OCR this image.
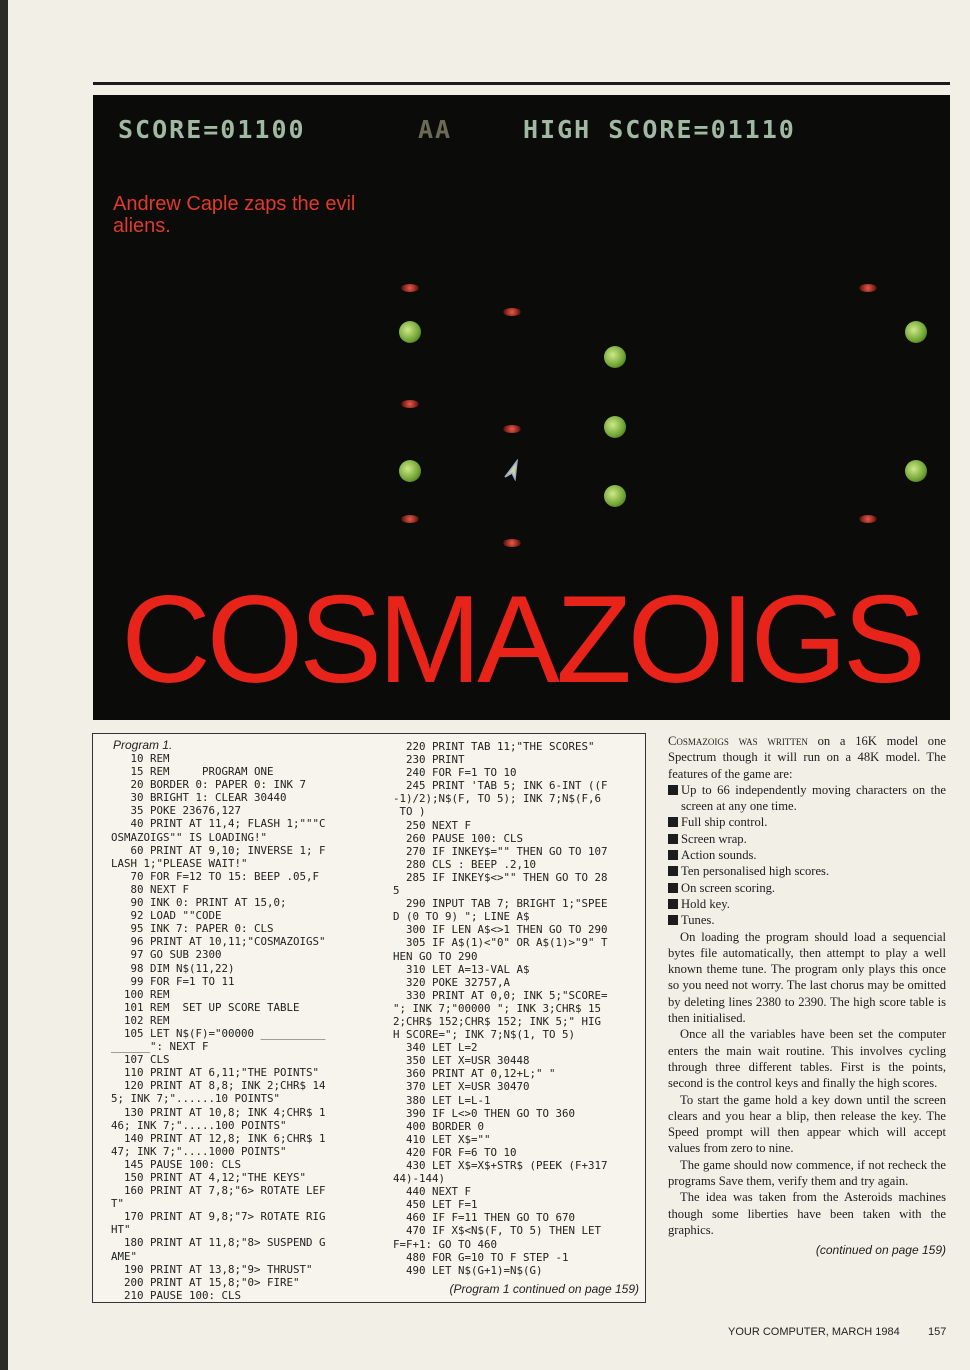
SCORE=01100	AA	HIGH SCORE=01110
Andrew Caple zaps the evil aliens.
COSMAZOIGS
Program 1.
10 REM
15 REM     PROGRAM ONE
20 BORDER 0: PAPER 0: INK 7
30 BRIGHT 1: CLEAR 30440
35 POKE 23676,127
40 PRINT AT 11,4; FLASH 1;"""C
OSMAZOIGS"" IS LOADING!"
60 PRINT AT 9,10; INVERSE 1; F
LASH 1;"PLEASE WAIT!"
70 FOR F=12 TO 15: BEEP .05,F
80 NEXT F
90 INK 0: PRINT AT 15,0;
92 LOAD ""CODE
95 INK 7: PAPER 0: CLS
96 PRINT AT 10,11;"COSMAZOIGS"
97 GO SUB 2300
98 DIM N$(11,22)
99 FOR F=1 TO 11
100 REM
101 REM  SET UP SCORE TABLE
102 REM
105 LET N$(F)="00000 __________
______": NEXT F
107 CLS
110 PRINT AT 6,11;"THE POINTS"
120 PRINT AT 8,8; INK 2;CHR$ 14
5; INK 7;"......10 POINTS"
130 PRINT AT 10,8; INK 4;CHR$ 1
46; INK 7;".....100 POINTS"
140 PRINT AT 12,8; INK 6;CHR$ 1
47; INK 7;"....1000 POINTS"
145 PAUSE 100: CLS
150 PRINT AT 4,12;"THE KEYS"
160 PRINT AT 7,8;"6> ROTATE LEF
T"
170 PRINT AT 9,8;"7> ROTATE RIG
HT"
180 PRINT AT 11,8;"8> SUSPEND G
AME"
190 PRINT AT 13,8;"9> THRUST"
200 PRINT AT 15,8;"0> FIRE"
210 PAUSE 100: CLS
220 PRINT TAB 11;"THE SCORES"
230 PRINT
240 FOR F=1 TO 10
245 PRINT 'TAB 5; INK 6-INT ((F
-1)/2);N$(F, TO 5); INK 7;N$(F,6
TO )
250 NEXT F
260 PAUSE 100: CLS
270 IF INKEY$="" THEN GO TO 107
280 CLS : BEEP .2,10
285 IF INKEY$<>"" THEN GO TO 28
5
290 INPUT TAB 7; BRIGHT 1;"SPEE
D (0 TO 9) "; LINE A$
300 IF LEN A$<>1 THEN GO TO 290
305 IF A$(1)<"0" OR A$(1)>"9" T
HEN GO TO 290
310 LET A=13-VAL A$
320 POKE 32757,A
330 PRINT AT 0,0; INK 5;"SCORE=
"; INK 7;"00000 "; INK 3;CHR$ 15
2;CHR$ 152;CHR$ 152; INK 5;" HIG
H SCORE="; INK 7;N$(1, TO 5)
340 LET L=2
350 LET X=USR 30448
360 PRINT AT 0,12+L;" "
370 LET X=USR 30470
380 LET L=L-1
390 IF L<>0 THEN GO TO 360
400 BORDER 0
410 LET X$=""
420 FOR F=6 TO 10
430 LET X$=X$+STR$ (PEEK (F+317
44)-144)
440 NEXT F
450 LET F=1
460 IF F=11 THEN GO TO 670
470 IF X$<N$(F, TO 5) THEN LET
F=F+1: GO TO 460
480 FOR G=10 TO F STEP -1
490 LET N$(G+1)=N$(G)
(Program 1 continued on page 159)

Cosmazoigs was written on a 16K model one Spectrum though it will run on a 48K model. The features of the game are:

Up to 66 independently moving characters on the screen at any one time.
Full ship control.
Screen wrap.
Action sounds.
Ten personalised high scores.
On screen scoring.
Hold key.
Tunes.

On loading the program should load a sequencial bytes file automatically, then attempt to play a well known theme tune. The program only plays this once so you need not worry. The last chorus may be omitted by deleting lines 2380 to 2390. The high score table is then initialised.

Once all the variables have been set the computer enters the main wait routine. This involves cycling through three different tables. First is the points, second is the control keys and finally the high scores.

To start the game hold a key down until the screen clears and you hear a blip, then release the key. The Speed prompt will then appear which will accept values from zero to nine.

The game should now commence, if not recheck the programs Save them, verify them and try again.

The idea was taken from the Asteroids machines though some liberties have been taken with the graphics.

(continued on page 159)
YOUR COMPUTER, MARCH 1984	157
